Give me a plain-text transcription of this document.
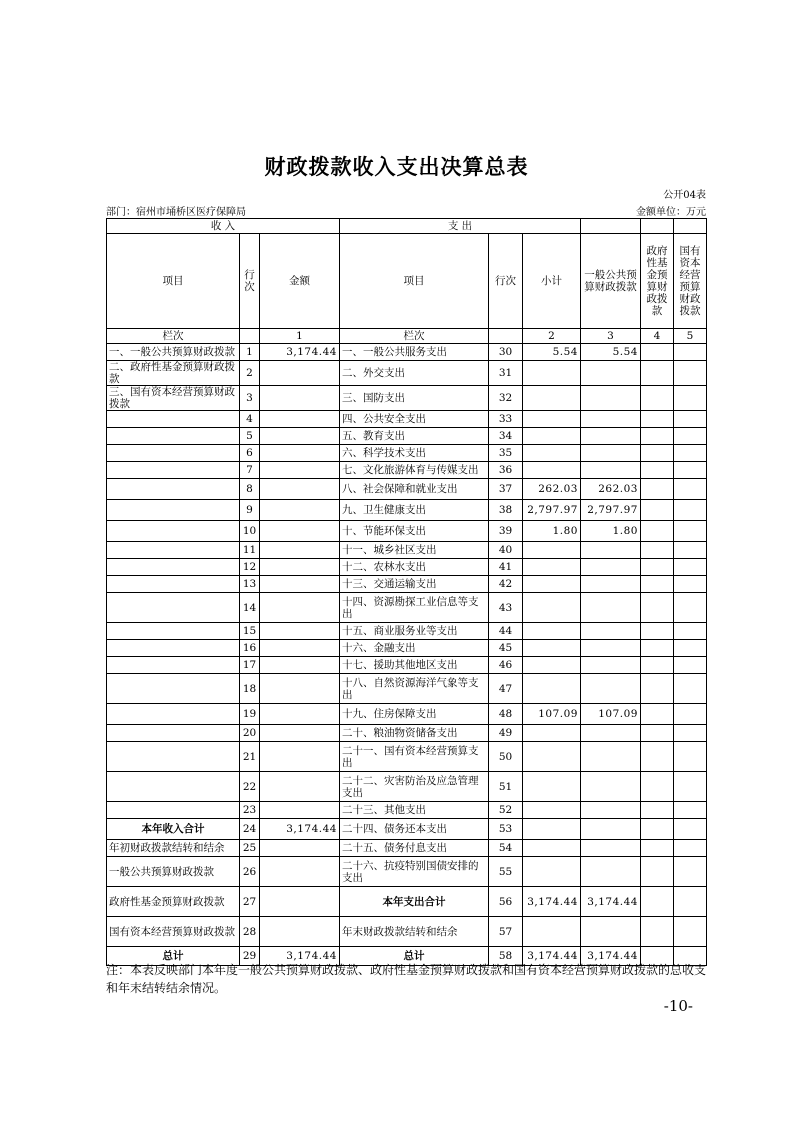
财政拨款收入支出决算总表
公开04表
部门：宿州市埇桥区医疗保障局	金额单位：万元
收 入			支 出					
项目	行次	金额	项目	行次	小计	一般公共预算财政拨款	政府性基金预算财政拨款	国有资本经营预算财政拨款
栏次		1	栏次		2	3	4	5
一、一般公共预算财政拨款	1	3,174.44	一、一般公共服务支出	30	5.54	5.54		
二、政府性基金预算财政拨款	2		二、外交支出	31				
三、国有资本经营预算财政拨款	3		三、国防支出	32				
	4		四、公共安全支出	33				
	5		五、教育支出	34				
	6		六、科学技术支出	35				
	7		七、文化旅游体育与传媒支出	36				
	8		八、社会保障和就业支出	37	262.03	262.03		
	9		九、卫生健康支出	38	2,797.97	2,797.97		
	10		十、节能环保支出	39	1.80	1.80		
	11		十一、城乡社区支出	40				
	12		十二、农林水支出	41				
	13		十三、交通运输支出	42				
	14		十四、资源勘探工业信息等支出	43				
	15		十五、商业服务业等支出	44				
	16		十六、金融支出	45				
	17		十七、援助其他地区支出	46				
	18		十八、自然资源海洋气象等支出	47				
	19		十九、住房保障支出	48	107.09	107.09		
	20		二十、粮油物资储备支出	49				
	21		二十一、国有资本经营预算支出	50				
	22		二十二、灾害防治及应急管理支出	51				
	23		二十三、其他支出	52				
本年收入合计	24	3,174.44	二十四、债务还本支出	53				
年初财政拨款结转和结余	25		二十五、债务付息支出	54				
一般公共预算财政拨款	26		二十六、抗疫特别国债安排的支出	55				
政府性基金预算财政拨款	27		本年支出合计	56	3,174.44	3,174.44		
国有资本经营预算财政拨款	28		年末财政拨款结转和结余	57				
总计	29	3,174.44	总计	58	3,174.44	3,174.44		
注：本表反映部门本年度一般公共预算财政拨款、政府性基金预算财政拨款和国有资本经营预算财政拨款的总收支和年末结转结余情况。
-10-
